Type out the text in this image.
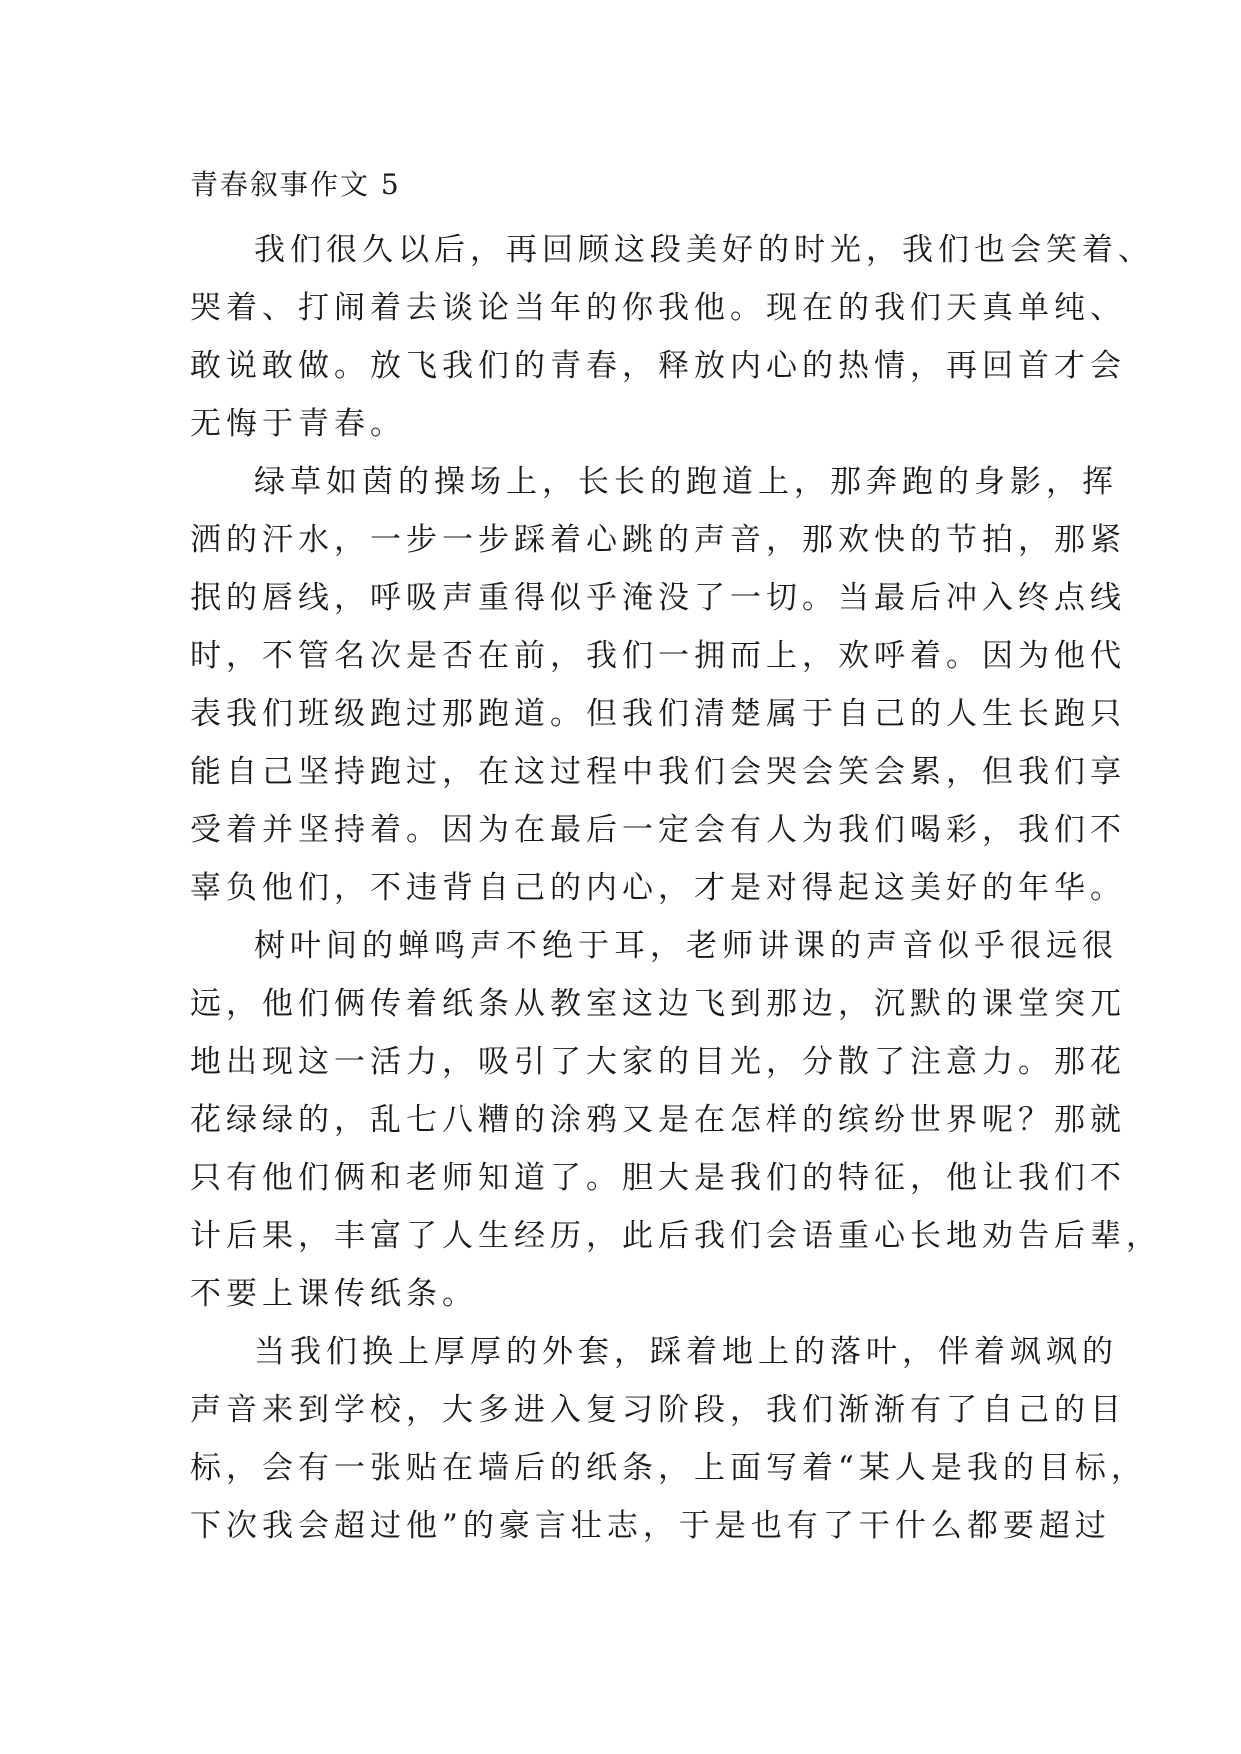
青春叙事作文 5
我们很久以后，再回顾这段美好的时光，我们也会笑着、
哭着、打闹着去谈论当年的你我他。现在的我们天真单纯、
敢说敢做。放飞我们的青春，释放内心的热情，再回首才会
无悔于青春。
绿草如茵的操场上，长长的跑道上，那奔跑的身影，挥
洒的汗水，一步一步踩着心跳的声音，那欢快的节拍，那紧
抿的唇线，呼吸声重得似乎淹没了一切。当最后冲入终点线
时，不管名次是否在前，我们一拥而上，欢呼着。因为他代
表我们班级跑过那跑道。但我们清楚属于自己的人生长跑只
能自己坚持跑过，在这过程中我们会哭会笑会累，但我们享
受着并坚持着。因为在最后一定会有人为我们喝彩，我们不
辜负他们，不违背自己的内心，才是对得起这美好的年华。
树叶间的蝉鸣声不绝于耳，老师讲课的声音似乎很远很
远，他们俩传着纸条从教室这边飞到那边，沉默的课堂突兀
地出现这一活力，吸引了大家的目光，分散了注意力。那花
花绿绿的，乱七八糟的涂鸦又是在怎样的缤纷世界呢？那就
只有他们俩和老师知道了。胆大是我们的特征，他让我们不
计后果，丰富了人生经历，此后我们会语重心长地劝告后辈，
不要上课传纸条。
当我们换上厚厚的外套，踩着地上的落叶，伴着飒飒的
声音来到学校，大多进入复习阶段，我们渐渐有了自己的目
标，会有一张贴在墙后的纸条，上面写着“某人是我的目标，
下次我会超过他”的豪言壮志，于是也有了干什么都要超过
